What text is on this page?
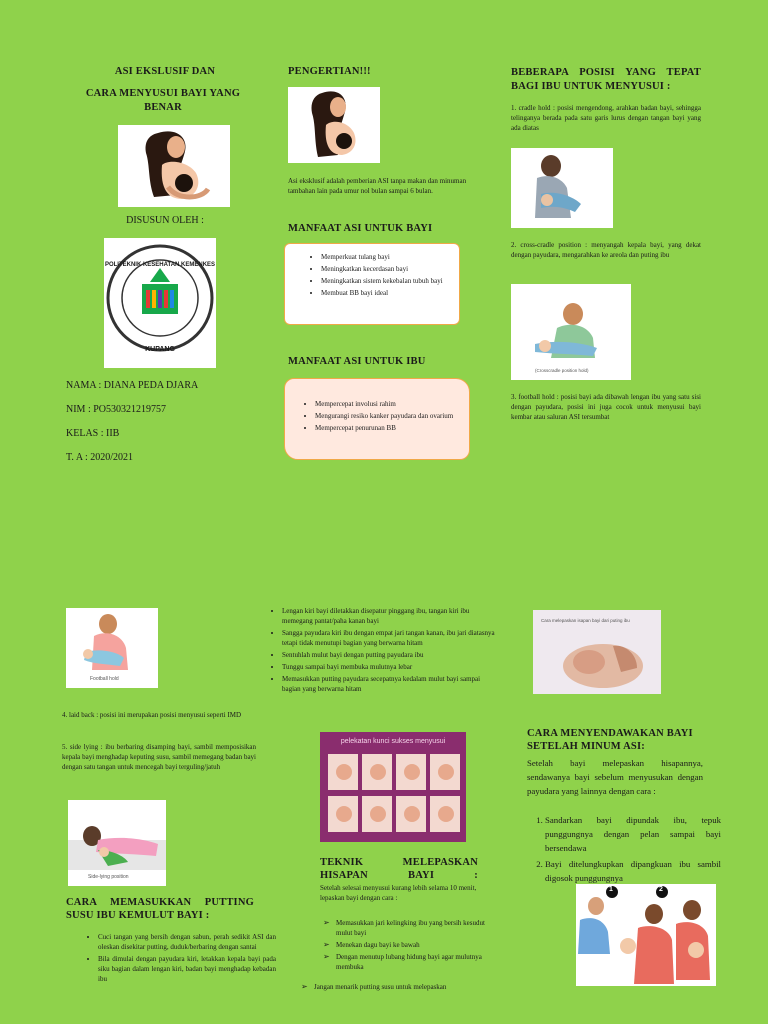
ASI EKSLUSIF DAN
CARA MENYUSUI BAYI YANG BENAR
DISUSUN OLEH :
POLITEKNIK KESEHATAN KEMENKES
KUPANG
NAMA : DIANA PEDA DJARA
NIM : PO530321219757
KELAS : IIB
T. A : 2020/2021
PENGERTIAN!!!
Asi eksklusif adalah pemberian ASI tanpa makan dan minuman tambahan lain pada umur nol bulan sampai 6 bulan.
MANFAAT ASI UNTUK BAYI
• Memperkuat tulang bayi
• Meningkatkan kecerdasan bayi
• Meningkatkan sistem kekebalan tubuh bayi
• Membuat BB bayi ideal
MANFAAT ASI UNTUK IBU
• Mempercepat involusi rahim
• Mengurangi resiko kanker payudara dan ovarium
• Mempercepat penurunan BB
BEBERAPA POSISI YANG TEPAT BAGI IBU UNTUK MENYUSUI :
1. cradle hold : posisi mengendong, arahkan badan bayi, sehingga telinganya berada pada satu garis lurus dengan tangan bayi yang ada diatas
2. cross-cradle position : menyangah kepala bayi, yang dekat dengan payudara, mengarahkan ke areola dan puting ibu
(Crosscradle position hold)
3. football hold : posisi bayi ada dibawah lengan ibu yang satu sisi dengan payudara, posisi ini juga cocok untuk menyusui bayi kembar atau saluran ASI tersumbat
Football hold
4. laid back : posisi ini merupakan posisi menyusui seperti IMD
5. side lying : ibu berbaring disamping bayi, sambil memposisikan kepala bayi menghadap keputing susu, sambil memegang badan bayi dengan satu tangan untuk mencegah bayi terguling/jatuh
Side-lying position
CARA MEMASUKKAN PUTTING SUSU IBU KEMULUT BAYI :
• Cuci tangan yang bersih dengan sabun, perah sedikit ASI dan oleskan disekitar putting, duduk/berbaring dengan santai
• Bila dimulai dengan payudara kiri, letakkan kepala bayi pada siku bagian dalam lengan kiri, badan bayi menghadap kebadan ibu
• Lengan kiri bayi diletakkan disepatur pinggang ibu, tangan kiri ibu memegang pantat/paha kanan bayi
• Sangga payudara kiri ibu dengan empat jari tangan kanan, ibu jari diatasnya tetapi tidak menutupi bagian yang berwarna hitam
• Sentuhlah mulut bayi dengan putting payudara ibu
• Tunggu sampai bayi membuka mulutnya lebar
• Memasukkan putting payudara secepatnya kedalam mulut bayi sampai bagian yang berwarna hitam
pelekatan kunci sukses menyusui
TEKNIK MELEPASKAN HISAPAN BAYI :
Setelah selesai menyusui kurang lebih selama 10 menit, lepaskan bayi dengan cara :
➢ Memasukkan jari kelingking ibu yang bersih kesudut mulut bayi
➢ Menekan dagu bayi ke bawah
➢ Dengan menutup lubang hidung bayi agar mulutnya membuka
➢ Jangan menarik putting susu untuk melepaskan
Cara melepaskan isapan bayi dari puting ibu
CARA MENYENDAWAKAN BAYI SETELAH MINUM ASI:
Setelah bayi melepaskan hisapannya, sendawanya bayi sebelum menyusukan dengan payudara yang lainnya dengan cara :
1. Sandarkan bayi dipundak ibu, tepuk punggungnya dengan pelan sampai bayi bersendawa
2. Bayi ditelungkupkan dipangkuan ibu sambil digosok punggungnya
1	2
